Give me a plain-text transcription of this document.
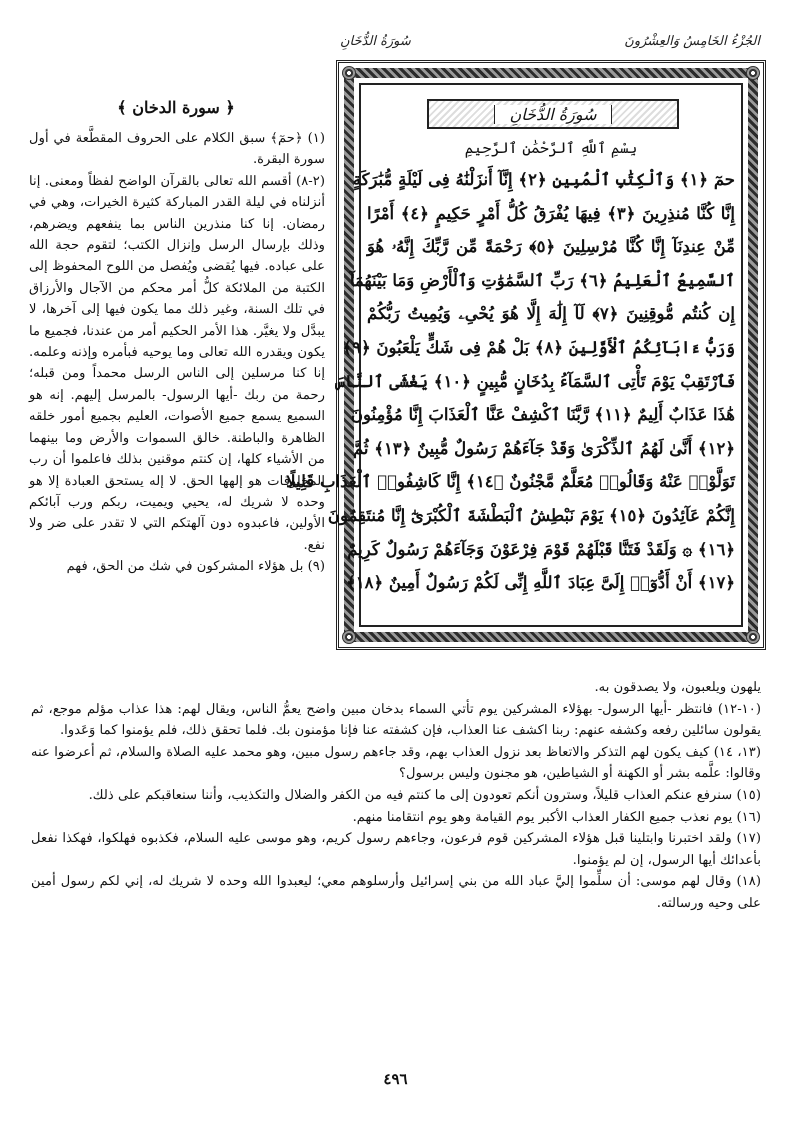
الجُزْءُ الخَامِسُ وَالعِشْرُونَ
سُورَةُ الدُّخَانِ
سُورَةُ الدُّخَانِ
بِسْمِ ٱللَّهِ ٱلرَّحْمَٰنِ ٱلرَّحِيمِ
حمٓ ﴿١﴾ وَٱلْكِتَٰبِ ٱلْمُبِينِ ﴿٢﴾ إِنَّآ أَنزَلْنَٰهُ فِى لَيْلَةٍ مُّبَٰرَكَةٍ
إِنَّا كُنَّا مُنذِرِينَ ﴿٣﴾ فِيهَا يُفْرَقُ كُلُّ أَمْرٍ حَكِيمٍ ﴿٤﴾ أَمْرًا
مِّنْ عِندِنَآ إِنَّا كُنَّا مُرْسِلِينَ ﴿٥﴾ رَحْمَةً مِّن رَّبِّكَ إِنَّهُۥ هُوَ
ٱلسَّمِيعُ ٱلْعَلِيمُ ﴿٦﴾ رَبِّ ٱلسَّمَٰوَٰتِ وَٱلْأَرْضِ وَمَا بَيْنَهُمَآ
إِن كُنتُم مُّوقِنِينَ ﴿٧﴾ لَآ إِلَٰهَ إِلَّا هُوَ يُحْىِۦ وَيُمِيتُ رَبُّكُمْ
وَرَبُّ ءَابَآئِكُمُ ٱلْأَوَّلِينَ ﴿٨﴾ بَلْ هُمْ فِى شَكٍّ يَلْعَبُونَ ﴿٩﴾
فَٱرْتَقِبْ يَوْمَ تَأْتِى ٱلسَّمَآءُ بِدُخَانٍ مُّبِينٍ ﴿١٠﴾ يَغْشَى ٱلنَّاسَ
هَٰذَا عَذَابٌ أَلِيمٌ ﴿١١﴾ رَّبَّنَا ٱكْشِفْ عَنَّا ٱلْعَذَابَ إِنَّا مُؤْمِنُونَ
﴿١٢﴾ أَنَّىٰ لَهُمُ ٱلذِّكْرَىٰ وَقَدْ جَآءَهُمْ رَسُولٌ مُّبِينٌ ﴿١٣﴾ ثُمَّ
تَوَلَّوْا۟ عَنْهُ وَقَالُوا۟ مُعَلَّمٌ مَّجْنُونٌ ﴿١٤﴾ إِنَّا كَاشِفُوا۟ ٱلْعَذَابِ قَلِيلًا
إِنَّكُمْ عَآئِدُونَ ﴿١٥﴾ يَوْمَ نَبْطِشُ ٱلْبَطْشَةَ ٱلْكُبْرَىٰٓ إِنَّا مُنتَقِمُونَ
﴿١٦﴾ ۞ وَلَقَدْ فَتَنَّا قَبْلَهُمْ قَوْمَ فِرْعَوْنَ وَجَآءَهُمْ رَسُولٌ كَرِيمٌ
﴿١٧﴾ أَنْ أَدُّوٓا۟ إِلَىَّ عِبَادَ ٱللَّهِ إِنِّى لَكُمْ رَسُولٌ أَمِينٌ ﴿١٨﴾
﴿ سورة الدخان ﴾

(١) ﴿حمٓ﴾ سبق الكلام على الحروف المقطَّعة في أول سورة البقرة.

(٢-٨) أقسم الله تعالى بالقرآن الواضح لفظاً ومعنى. إنا أنزلناه في ليلة القدر المباركة كثيرة الخيرات، وهي في رمضان. إنا كنا منذرين الناس بما ينفعهم ويضرهم، وذلك بإرسال الرسل وإنزال الكتب؛ لتقوم حجة الله على عباده. فيها يُقضى ويُفصل من اللوح المحفوظ إلى الكتبة من الملائكة كلُّ أمر محكم من الآجال والأرزاق في تلك السنة، وغير ذلك مما يكون فيها إلى آخرها، لا يبدَّل ولا يغيَّر. هذا الأمر الحكيم أمر من عندنا، فجميع ما يكون ويقدره الله تعالى وما يوحيه فبأمره وإذنه وعلمه. إنا كنا مرسلين إلى الناس الرسل محمداً ومن قبله؛ رحمة من ربك -أيها الرسول- بالمرسل إليهم. إنه هو السميع يسمع جميع الأصوات، العليم بجميع أمور خلقه الظاهرة والباطنة. خالق السموات والأرض وما بينهما من الأشياء كلها، إن كنتم موقنين بذلك فاعلموا أن رب المخلوقات هو إلهها الحق. لا إله يستحق العبادة إلا هو وحده لا شريك له، يحيي ويميت، ربكم ورب آبائكم الأولين، فاعبدوه دون آلهتكم التي لا تقدر على ضر ولا نفع.

(٩) بل هؤلاء المشركون في شك من الحق، فهم

يلهون ويلعبون، ولا يصدقون به.

(١٠-١٢) فانتظر -أيها الرسول- بهؤلاء المشركين يوم تأتي السماء بدخان مبين واضح يعمُّ الناس، ويقال لهم: هذا عذاب مؤلم موجع، ثم يقولون سائلين رفعه وكشفه عنهم: ربنا اكشف عنا العذاب، فإن كشفته عنا فإنا مؤمنون بك. فلما تحقق ذلك، فلم يؤمنوا كما وَعَدوا.

(١٣، ١٤) كيف يكون لهم التذكر والاتعاظ بعد نزول العذاب بهم، وقد جاءهم رسول مبين، وهو محمد عليه الصلاة والسلام، ثم أعرضوا عنه وقالوا: علَّمه بشر أو الكهنة أو الشياطين، هو مجنون وليس برسول؟

(١٥) سنرفع عنكم العذاب قليلاً، وسترون أنكم تعودون إلى ما كنتم فيه من الكفر والضلال والتكذيب، وأننا سنعاقبكم على ذلك.

(١٦) يوم نعذب جميع الكفار العذاب الأكبر يوم القيامة وهو يوم انتقامنا منهم.

(١٧) ولقد اختبرنا وابتلينا قبل هؤلاء المشركين قوم فرعون، وجاءهم رسول كريم، وهو موسى عليه السلام، فكذبوه فهلكوا، فهكذا نفعل بأعدائك أيها الرسول، إن لم يؤمنوا.

(١٨) وقال لهم موسى: أن سلِّموا إليَّ عباد الله من بني إسرائيل وأرسلوهم معي؛ ليعبدوا الله وحده لا شريك له، إني لكم رسول أمين على وحيه ورسالته.

٤٩٦
